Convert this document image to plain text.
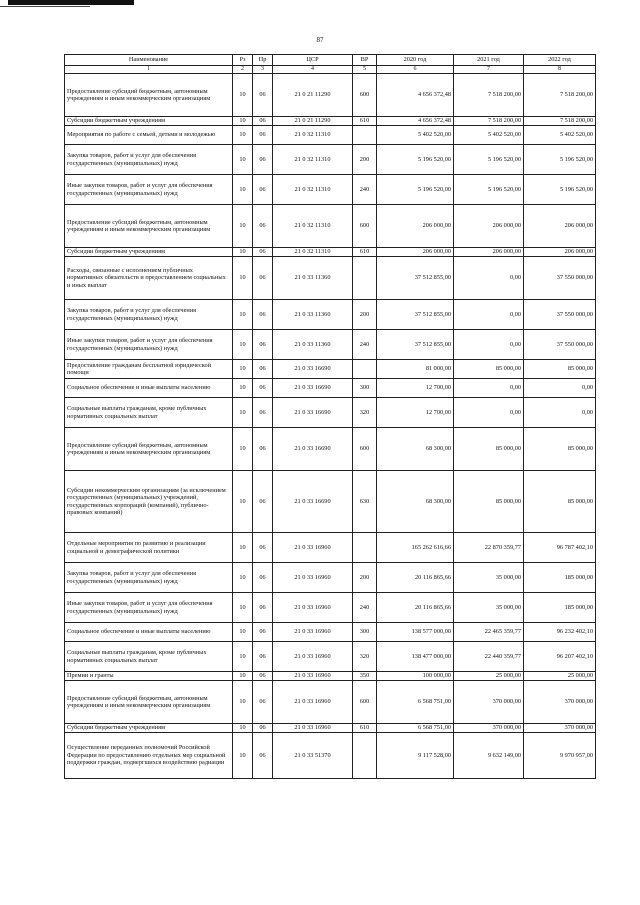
87
Наименование	Рз	Пр	ЦСР	ВР	2020 год	2021 год	2022 год
1	2	3	4	5	6	7	8
Предоставление субсидий бюджетным, автономным учреждениям и иным некоммерческим организациям	10	06	21 0 21 11290	600	4 656 372,48	7 518 200,00	7 518 200,00
Субсидии бюджетным учреждениям	10	06	21 0 21 11290	610	4 656 372,48	7 518 200,00	7 518 200,00
Мероприятия по работе с семьей, детьми и молодежью	10	06	21 0 32 11310		5 402 520,00	5 402 520,00	5 402 520,00
Закупка товаров, работ и услуг для обеспечения государственных (муниципальных) нужд	10	06	21 0 32 11310	200	5 196 520,00	5 196 520,00	5 196 520,00
Иные закупки товаров, работ и услуг для обеспечения государственных (муниципальных) нужд	10	06	21 0 32 11310	240	5 196 520,00	5 196 520,00	5 196 520,00
Предоставление субсидий бюджетным, автономным учреждениям и иным некоммерческим организациям	10	06	21 0 32 11310	600	206 000,00	206 000,00	206 000,00
Субсидии бюджетным учреждениям	10	06	21 0 32 11310	610	206 000,00	206 000,00	206 000,00
Расходы, связанные с исполнением публичных нормативных обязательств и предоставлением социальных и иных выплат	10	06	21 0 33 11360		37 512 855,00	0,00	37 550 000,00
Закупка товаров, работ и услуг для обеспечения государственных (муниципальных) нужд	10	06	21 0 33 11360	200	37 512 855,00	0,00	37 550 000,00
Иные закупки товаров, работ и услуг для обеспечения государственных (муниципальных) нужд	10	06	21 0 33 11360	240	37 512 855,00	0,00	37 550 000,00
Предоставление гражданам бесплатной юридической помощи	10	06	21 0 33 16690		81 000,00	85 000,00	85 000,00
Социальное обеспечение и иные выплаты населению	10	06	21 0 33 16690	300	12 700,00	0,00	0,00
Социальные выплаты гражданам, кроме публичных нормативных социальных выплат	10	06	21 0 33 16690	320	12 700,00	0,00	0,00
Предоставление субсидий бюджетным, автономным учреждениям и иным некоммерческим организациям	10	06	21 0 33 16690	600	68 300,00	85 000,00	85 000,00
Субсидии некоммерческим организациям (за исключением государственных (муниципальных) учреждений, государственных корпораций (компаний), публично-правовых компаний)	10	06	21 0 33 16690	630	68 300,00	85 000,00	85 000,00
Отдельные мероприятия по развитию и реализации социальной и демографической политики	10	06	21 0 33 16960		165 262 616,66	22 870 359,77	96 787 402,10
Закупка товаров, работ и услуг для обеспечения государственных (муниципальных) нужд	10	06	21 0 33 16960	200	20 116 865,66	35 000,00	185 000,00
Иные закупки товаров, работ и услуг для обеспечения государственных (муниципальных) нужд	10	06	21 0 33 16960	240	20 116 865,66	35 000,00	185 000,00
Социальное обеспечение и иные выплаты населению	10	06	21 0 33 16960	300	138 577 000,00	22 465 359,77	96 232 402,10
Социальные выплаты гражданам, кроме публичных нормативных социальных выплат	10	06	21 0 33 16960	320	138 477 000,00	22 440 359,77	96 207 402,10
Премии и гранты	10	06	21 0 33 16960	350	100 000,00	25 000,00	25 000,00
Предоставление субсидий бюджетным, автономным учреждениям и иным некоммерческим организациям	10	06	21 0 33 16960	600	6 568 751,00	370 000,00	370 000,00
Субсидии бюджетным учреждениям	10	06	21 0 33 16960	610	6 568 751,00	370 000,00	370 000,00
Осуществление переданных полномочий Российской Федерации по предоставлению отдельных мер социальной поддержки граждан, подвергшихся воздействию радиации	10	06	21 0 33 51370		9 117 528,00	9 632 149,00	9 970 957,00
